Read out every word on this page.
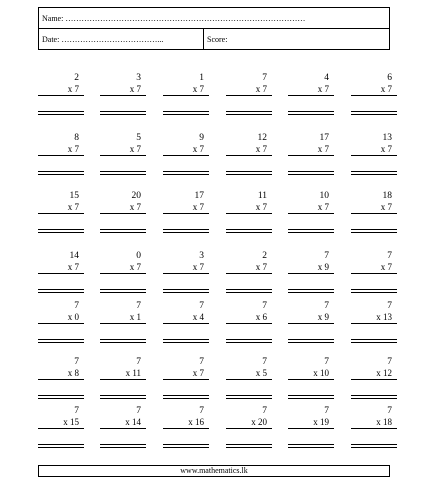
Name: ………………………………………………………………………………
Date: ………………………………...	Score:
2
x 7
3
x 7
1
x 7
7
x 7
4
x 7
6
x 7
8
x 7
5
x 7
9
x 7
12
x 7
17
x 7
13
x 7
15
x 7
20
x 7
17
x 7
11
x 7
10
x 7
18
x 7
14
x 7
0
x 7
3
x 7
2
x 7
7
x 9
7
x 7
7
x 0
7
x 1
7
x 4
7
x 6
7
x 9
7
x 13
7
x 8
7
x 11
7
x 7
7
x 5
7
x 10
7
x 12
7
x 15
7
x 14
7
x 16
7
x 20
7
x 19
7
x 18
www.mathematics.lk
